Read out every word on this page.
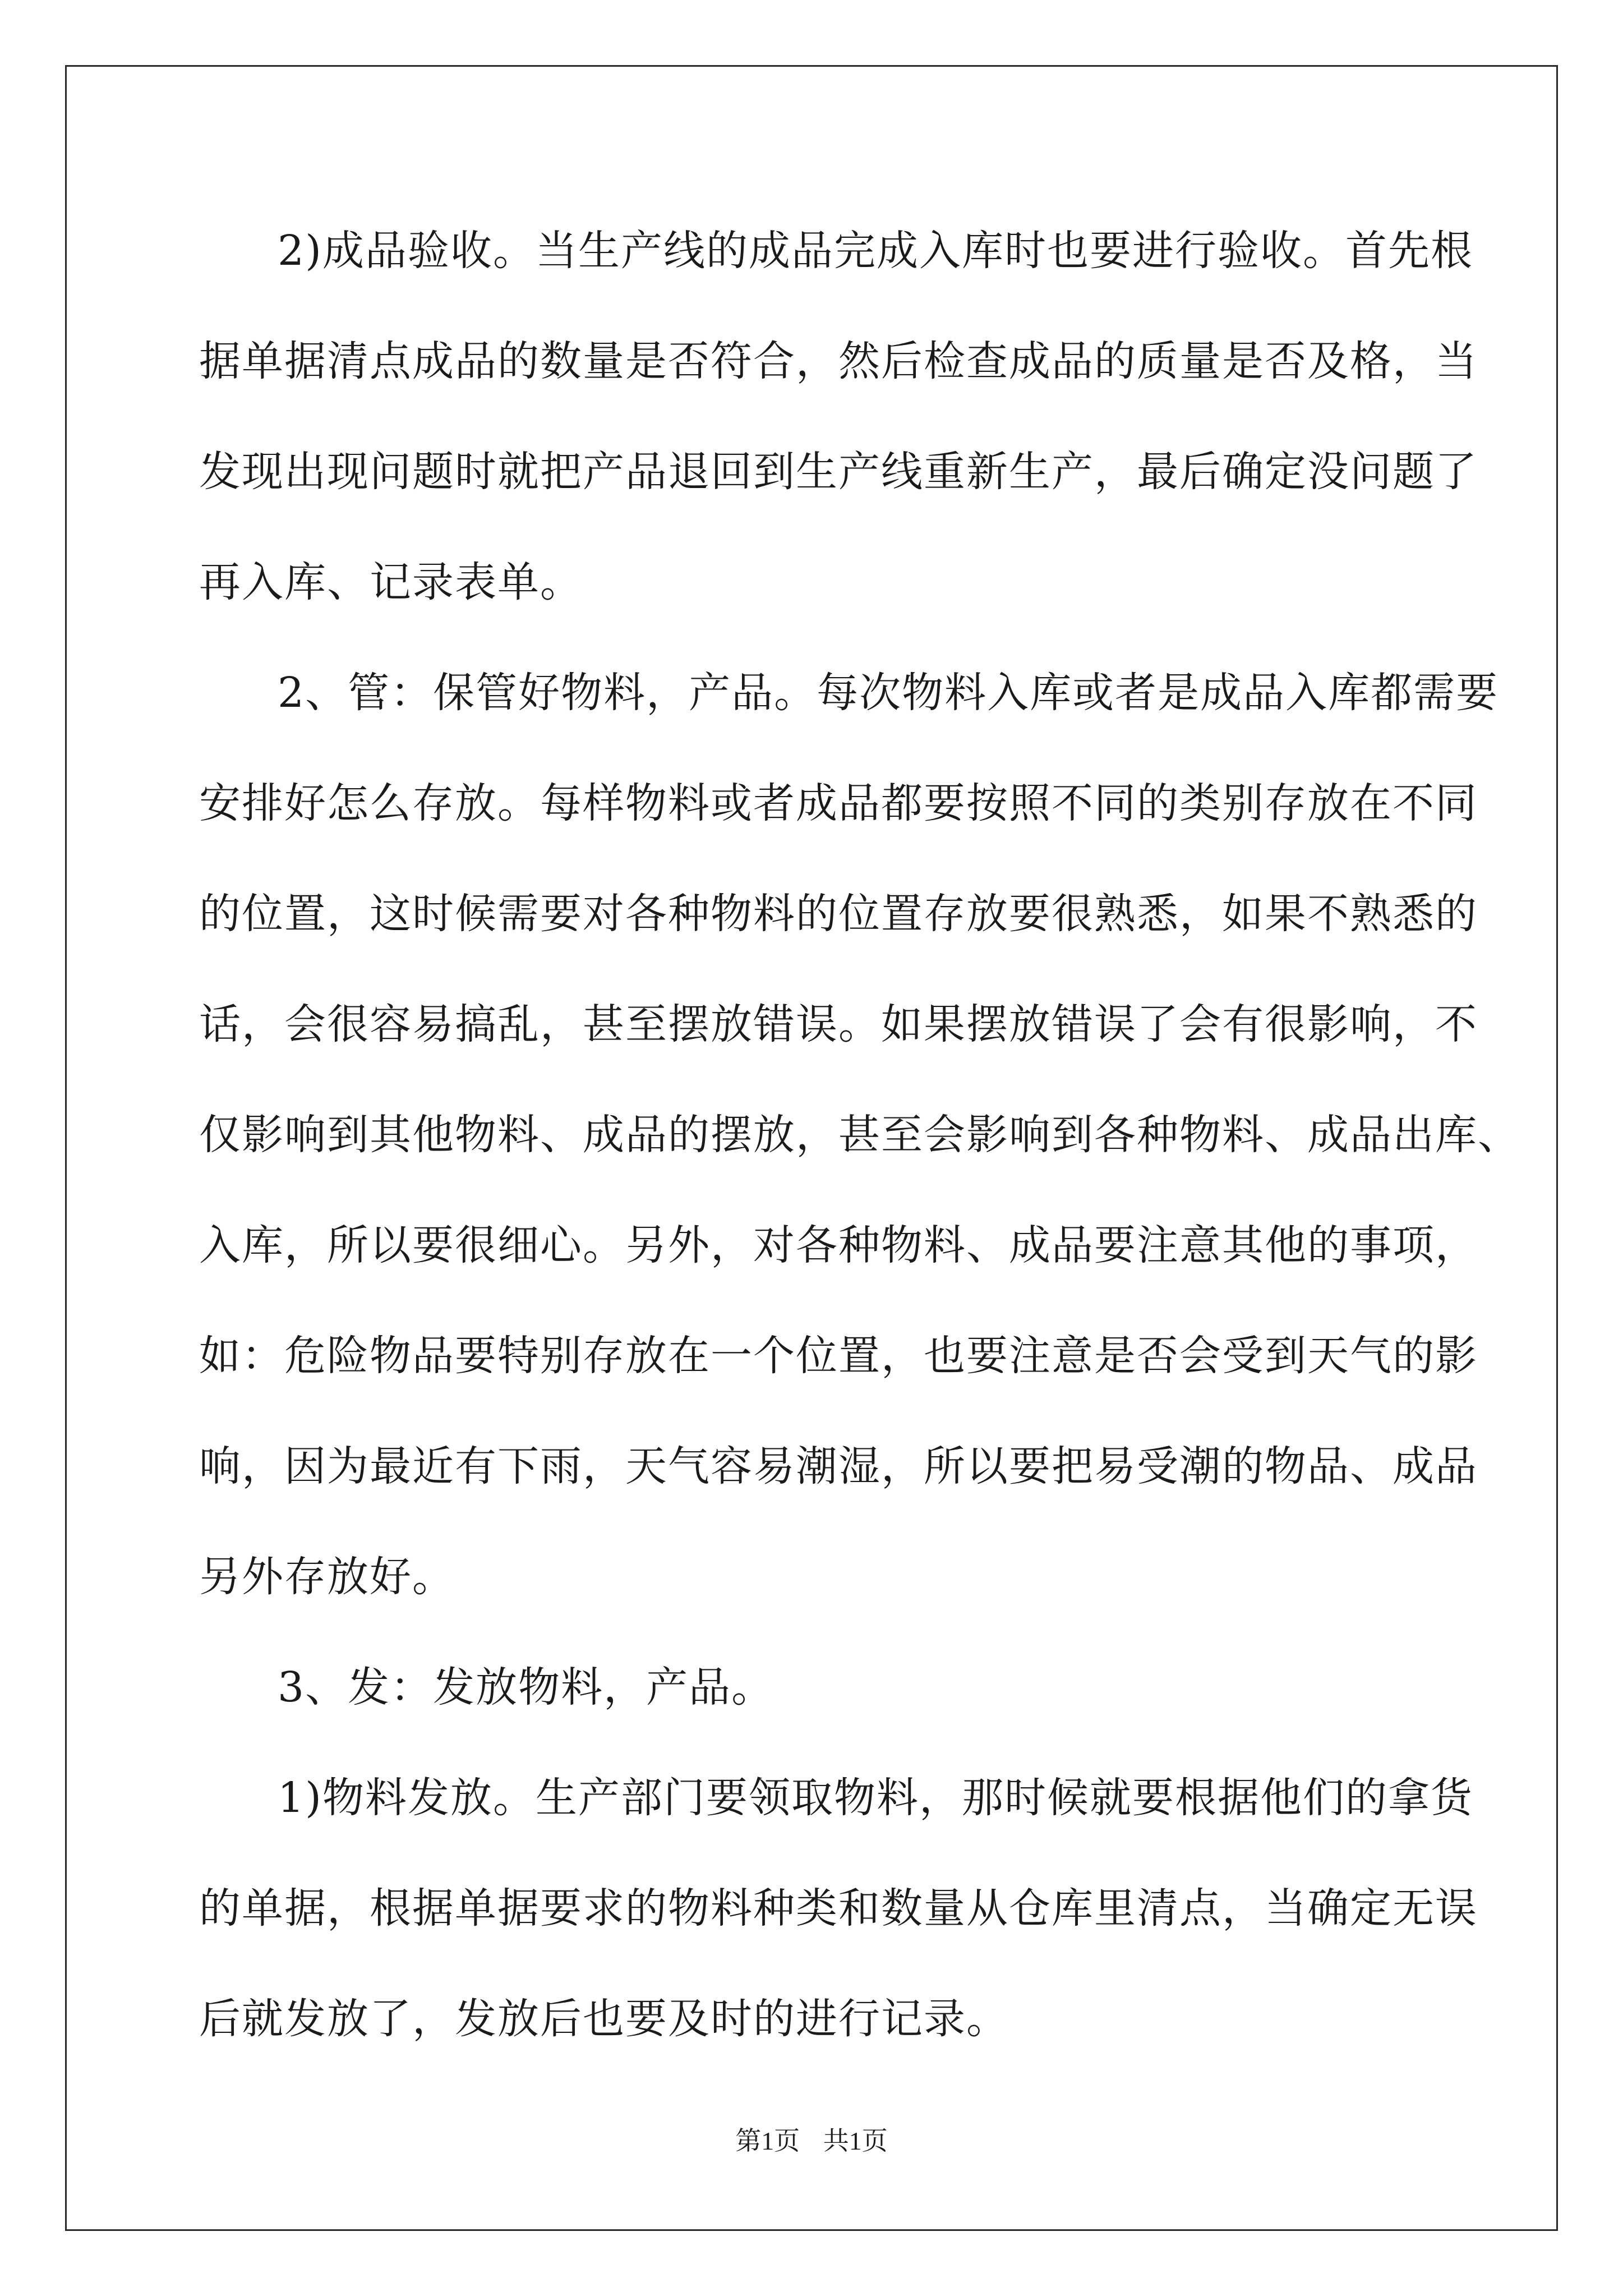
2)成品验收。当生产线的成品完成入库时也要进行验收。首先根
据单据清点成品的数量是否符合，然后检查成品的质量是否及格，当
发现出现问题时就把产品退回到生产线重新生产，最后确定没问题了
再入库、记录表单。
2、管：保管好物料，产品。每次物料入库或者是成品入库都需要
安排好怎么存放。每样物料或者成品都要按照不同的类别存放在不同
的位置，这时候需要对各种物料的位置存放要很熟悉，如果不熟悉的
话，会很容易搞乱，甚至摆放错误。如果摆放错误了会有很影响，不
仅影响到其他物料、成品的摆放，甚至会影响到各种物料、成品出库、
入库，所以要很细心。另外，对各种物料、成品要注意其他的事项，
如：危险物品要特别存放在一个位置，也要注意是否会受到天气的影
响，因为最近有下雨，天气容易潮湿，所以要把易受潮的物品、成品
另外存放好。
3、发：发放物料，产品。
1)物料发放。生产部门要领取物料，那时候就要根据他们的拿货
的单据，根据单据要求的物料种类和数量从仓库里清点，当确定无误
后就发放了，发放后也要及时的进行记录。
第1页 共1页
